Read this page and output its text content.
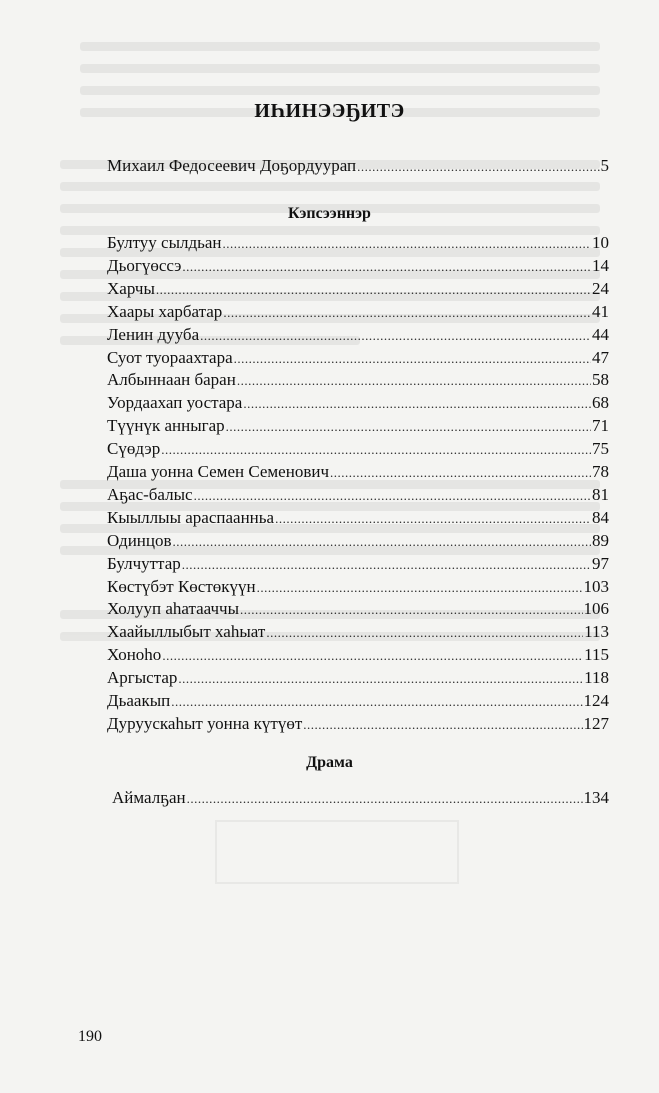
ИҺИНЭЭҔИТЭ
Михаил Федосеевич Доҕордуурап .....	5
Кэпсээннэр
Бултуу сылдьан .....	10
Дьогүөссэ .....	14
Харчы .....	24
Хаары харбатар .....	41
Ленин дууба .....	44
Суот туораахтара .....	47
Албыннаан баран .....	58
Уордаахап уостара .....	68
Түүнүк анныгар .....	71
Сүөдэр .....	75
Даша уонна Семен Семенович .....	78
Аҕас-балыс .....	81
Кыыллыы араспаанньа .....	84
Одинцов .....	89
Булчуттар .....	97
Көстүбэт Көстөкүүн .....	103
Холууп аһатааччы .....	106
Хаайыллыбыт хаһыат .....	113
Хоноһо .....	115
Аргыстар .....	118
Дьаакып .....	124
Дуруускаһыт уонна күтүөт .....	127
Драма
Аймалҕан .....	134
190
